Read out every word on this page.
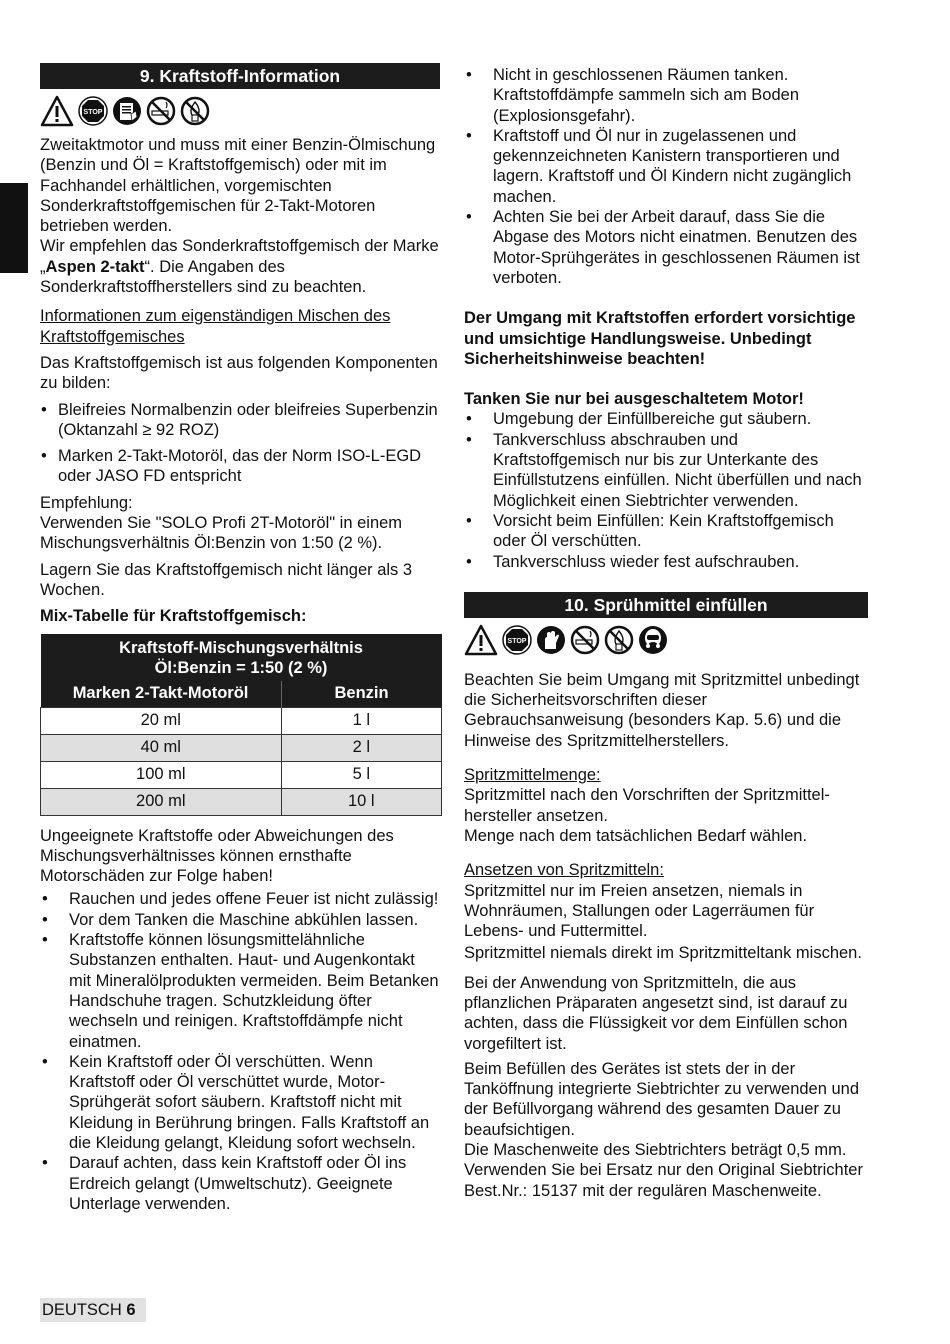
9. Kraftstoff-Information
STOP

Zweitaktmotor und muss mit einer Benzin-Ölmischung (Benzin und Öl = Kraftstoffgemisch) oder mit im Fachhandel erhältlichen, vorgemischten Sonderkraftstoffgemischen für 2-Takt-Motoren betrieben werden.

Wir empfehlen das Sonderkraftstoffgemisch der Marke „Aspen 2-takt“. Die Angaben des Sonderkraftstoffherstellers sind zu beachten.

Informationen zum eigenständigen Mischen des Kraftstoffgemisches

Das Kraftstoffgemisch ist aus folgenden Komponenten zu bilden:

• Bleifreies Normalbenzin oder bleifreies Superbenzin (Oktanzahl ≥ 92 ROZ)
• Marken 2-Takt-Motoröl, das der Norm ISO-L-EGD oder JASO FD entspricht

Empfehlung:

Verwenden Sie "SOLO Profi 2T-Motoröl" in einem Mischungsverhältnis Öl:Benzin von 1:50 (2 %).

Lagern Sie das Kraftstoffgemisch nicht länger als 3 Wochen.

Mix-Tabelle für Kraftstoffgemisch:

Kraftstoff-Mischungsverhältnis
Öl:Benzin = 1:50 (2 %)	

Marken 2-Takt-Motoröl	Benzin
20 ml	1 l
40 ml	2 l
100 ml	5 l
200 ml	10 l

Ungeeignete Kraftstoffe oder Abweichungen des Mischungsverhältnisses können ernsthafte Motorschäden zur Folge haben!

• Rauchen und jedes offene Feuer ist nicht zulässig!
• Vor dem Tanken die Maschine abkühlen lassen.
• Kraftstoffe können lösungsmittelähnliche Substanzen enthalten. Haut- und Augenkontakt mit Mineralölprodukten vermeiden. Beim Betanken Handschuhe tragen. Schutzkleidung öfter wechseln und reinigen. Kraftstoffdämpfe nicht einatmen.
• Kein Kraftstoff oder Öl verschütten. Wenn Kraftstoff oder Öl verschüttet wurde, Motor-Sprühgerät sofort säubern. Kraftstoff nicht mit Kleidung in Berührung bringen. Falls Kraftstoff an die Kleidung gelangt, Kleidung sofort wechseln.
• Darauf achten, dass kein Kraftstoff oder Öl ins Erdreich gelangt (Umweltschutz). Geeignete Unterlage verwenden.
• Nicht in geschlossenen Räumen tanken. Kraftstoffdämpfe sammeln sich am Boden (Explosionsgefahr).
• Kraftstoff und Öl nur in zugelassenen und gekennzeichneten Kanistern transportieren und lagern. Kraftstoff und Öl Kindern nicht zugänglich machen.
• Achten Sie bei der Arbeit darauf, dass Sie die Abgase des Motors nicht einatmen. Benutzen des Motor-Sprühgerätes in geschlossenen Räumen ist verboten.

Der Umgang mit Kraftstoffen erfordert vorsichtige und umsichtige Handlungsweise. Unbedingt Sicherheitshinweise beachten!

Tanken Sie nur bei ausgeschaltetem Motor!

• Umgebung der Einfüllbereiche gut säubern.
• Tankverschluss abschrauben und Kraftstoffgemisch nur bis zur Unterkante des Einfüllstutzens einfüllen. Nicht überfüllen und nach Möglichkeit einen Siebtrichter verwenden.
• Vorsicht beim Einfüllen: Kein Kraftstoffgemisch oder Öl verschütten.
• Tankverschluss wieder fest aufschrauben.
10. Sprühmittel einfüllen
STOP

Beachten Sie beim Umgang mit Spritzmittel unbedingt die Sicherheitsvorschriften dieser Gebrauchsanweisung (besonders Kap. 5.6) und die Hinweise des Spritzmittelherstellers.

Spritzmittelmenge:

Spritzmittel nach den Vorschriften der Spritzmittel-hersteller ansetzen.

Menge nach dem tatsächlichen Bedarf wählen.

Ansetzen von Spritzmitteln:

Spritzmittel nur im Freien ansetzen, niemals in Wohnräumen, Stallungen oder Lagerräumen für Lebens- und Futtermittel.

Spritzmittel niemals direkt im Spritzmitteltank mischen.

Bei der Anwendung von Spritzmitteln, die aus pflanzlichen Präparaten angesetzt sind, ist darauf zu achten, dass die Flüssigkeit vor dem Einfüllen schon vorgefiltert ist.

Beim Befüllen des Gerätes ist stets der in der Tanköffnung integrierte Siebtrichter zu verwenden und der Befüllvorgang während des gesamten Dauer zu beaufsichtigen.

Die Maschenweite des Siebtrichters beträgt 0,5 mm. Verwenden Sie bei Ersatz nur den Original Siebtrichter Best.Nr.: 15137 mit der regulären Maschenweite.

DEUTSCH 6
